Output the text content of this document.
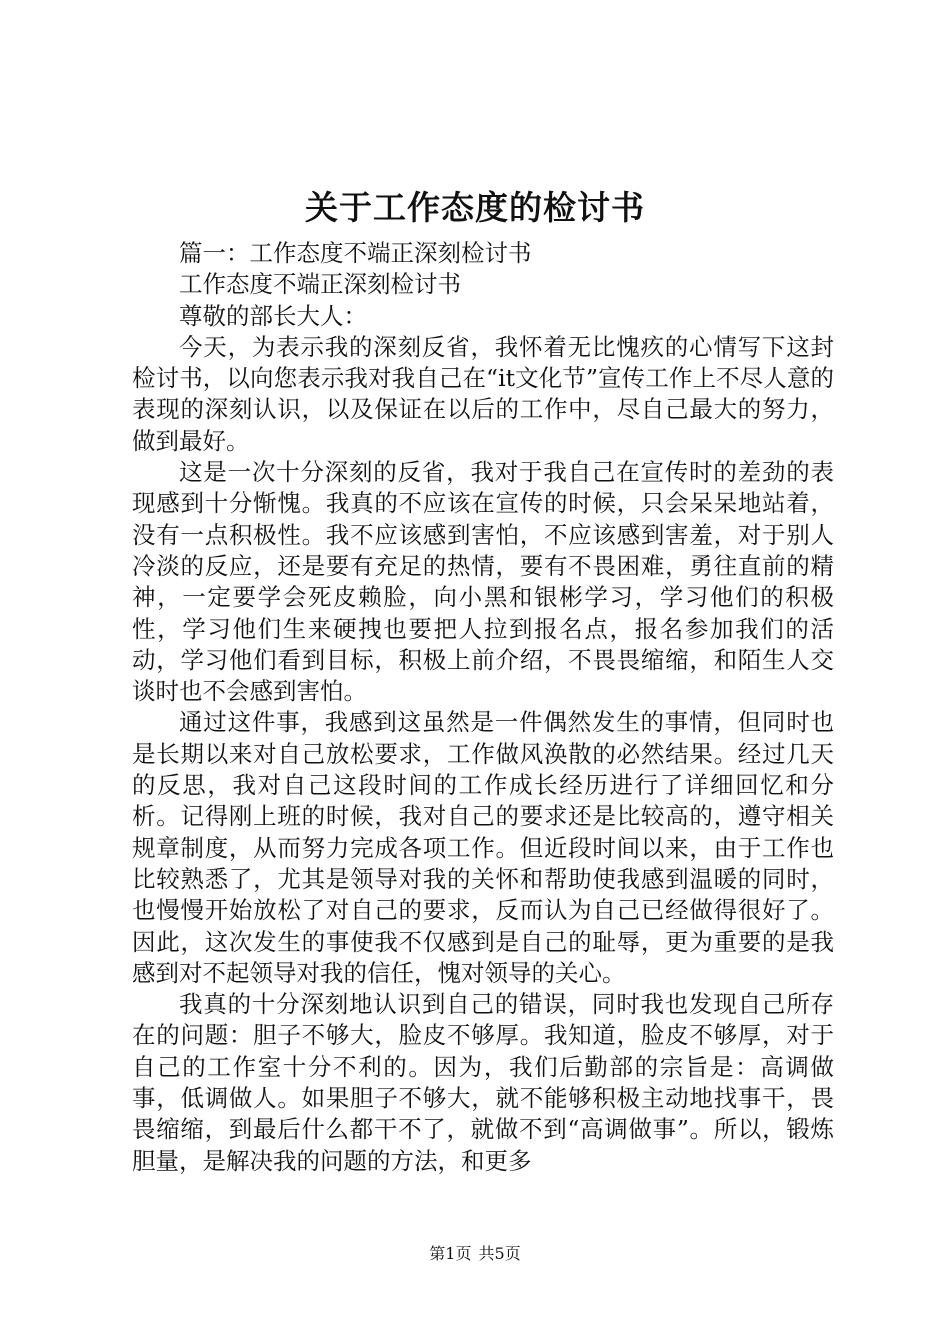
关于工作态度的检讨书

篇一：工作态度不端正深刻检讨书

工作态度不端正深刻检讨书

尊敬的部长大人：

今天，为表示我的深刻反省，我怀着无比愧疚的心情写下这封检讨书，以向您表示我对我自己在“it文化节”宣传工作上不尽人意的表现的深刻认识，以及保证在以后的工作中，尽自己最大的努力，做到最好。

这是一次十分深刻的反省，我对于我自己在宣传时的差劲的表现感到十分惭愧。我真的不应该在宣传的时候，只会呆呆地站着，没有一点积极性。我不应该感到害怕，不应该感到害羞，对于别人冷淡的反应，还是要有充足的热情，要有不畏困难，勇往直前的精神，一定要学会死皮赖脸，向小黑和银彬学习，学习他们的积极性，学习他们生来硬拽也要把人拉到报名点，报名参加我们的活动，学习他们看到目标，积极上前介绍，不畏畏缩缩，和陌生人交谈时也不会感到害怕。

通过这件事，我感到这虽然是一件偶然发生的事情，但同时也是长期以来对自己放松要求，工作做风涣散的必然结果。经过几天的反思，我对自己这段时间的工作成长经历进行了详细回忆和分析。记得刚上班的时候，我对自己的要求还是比较高的，遵守相关规章制度，从而努力完成各项工作。但近段时间以来，由于工作也比较熟悉了，尤其是领导对我的关怀和帮助使我感到温暖的同时，也慢慢开始放松了对自己的要求，反而认为自己已经做得很好了。因此，这次发生的事使我不仅感到是自己的耻辱，更为重要的是我感到对不起领导对我的信任，愧对领导的关心。

我真的十分深刻地认识到自己的错误，同时我也发现自己所存在的问题：胆子不够大，脸皮不够厚。我知道，脸皮不够厚，对于自己的工作室十分不利的。因为，我们后勤部的宗旨是：高调做事，低调做人。如果胆子不够大，就不能够积极主动地找事干，畏畏缩缩，到最后什么都干不了，就做不到“高调做事”。所以，锻炼胆量，是解决我的问题的方法，和更多

第1页 共5页
